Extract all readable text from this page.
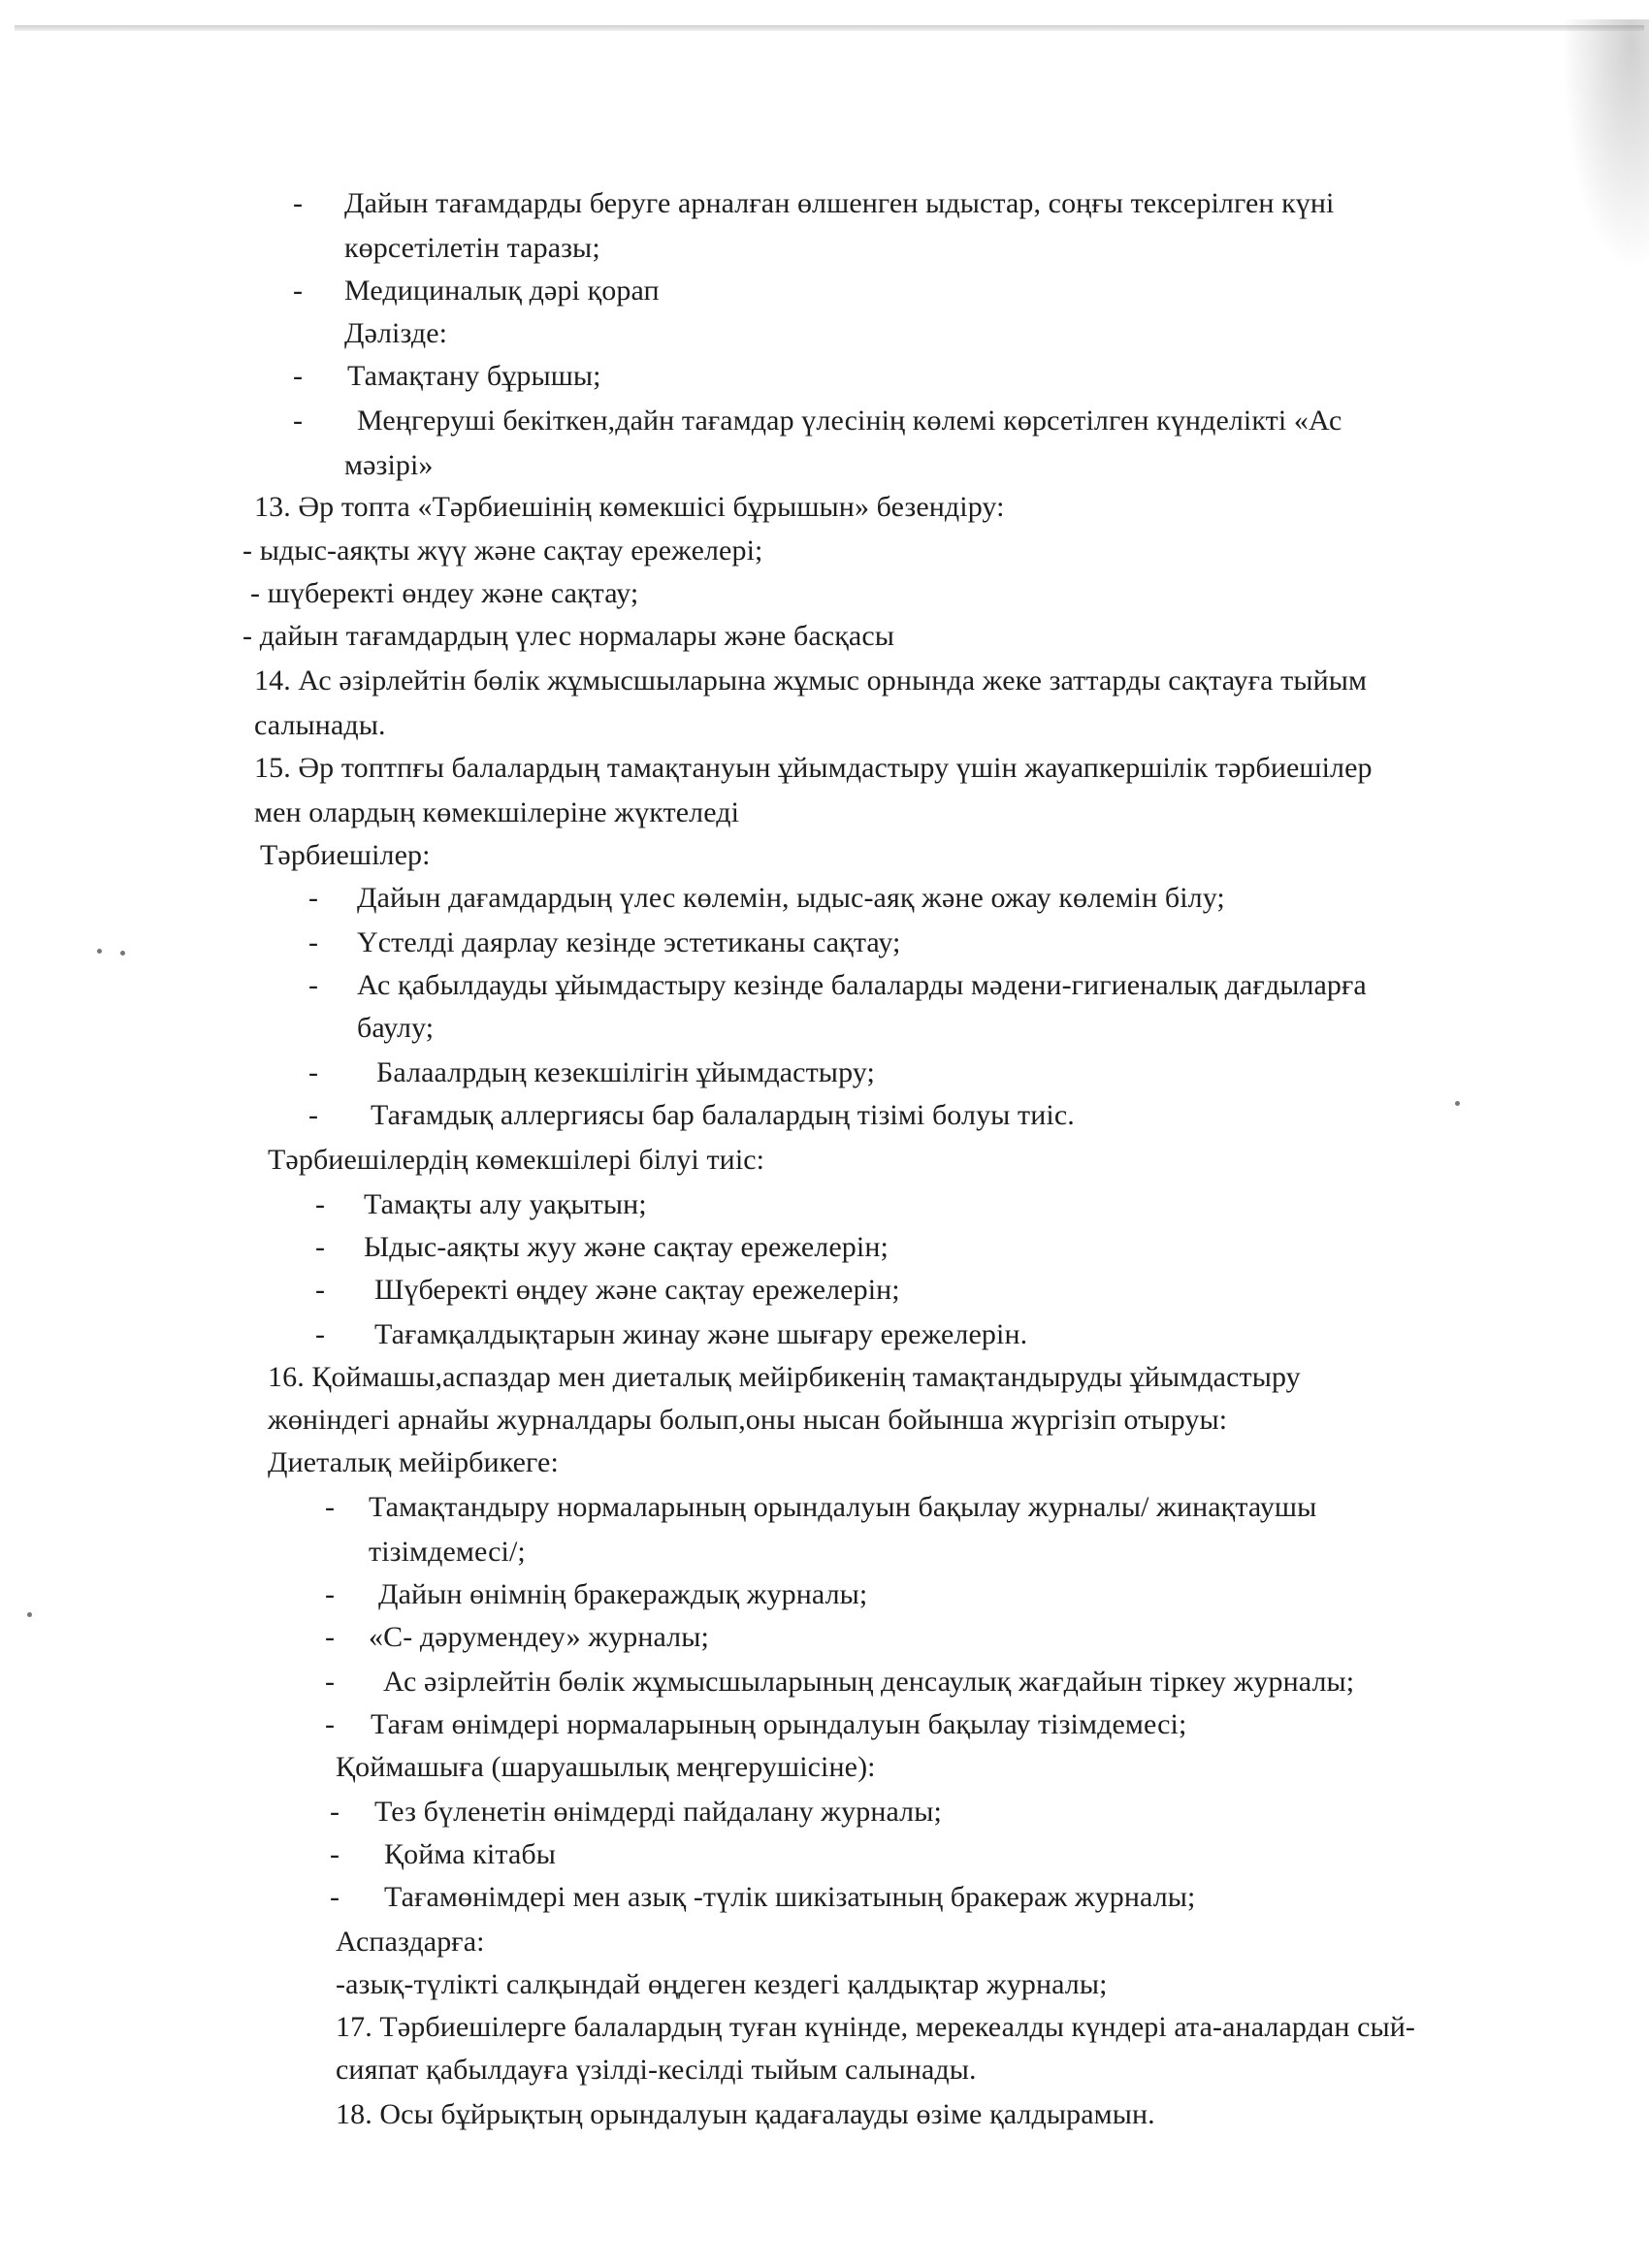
- Дайын тағамдарды беруге арналған өлшенген ыдыстар, соңғы тексерілген күні
көрсетілетін таразы;
- Медициналық дәрі қорап
Дәлізде:
- Тамақтану бұрышы;
- Меңгеруші бекіткен,дайн тағамдар үлесінің көлемі көрсетілген күнделікті «Ас
мәзірі»
13. Әр топта «Тәрбиешінің көмекшісі бұрышын» безендіру:
- ыдыс-аяқты жүү және сақтау ережелері;
- шүберекті өндеу және сақтау;
- дайын тағамдардың үлес нормалары және басқасы
14. Ас әзірлейтін бөлік жұмысшыларына жұмыс орнында жеке заттарды сақтауға тыйым
салынады.
15. Әр топтпғы балалардың тамақтануын ұйымдастыру үшін жауапкершілік тәрбиешілер
мен олардың көмекшілеріне жүктеледі
Тәрбиешілер:
- Дайын дағамдардың үлес көлемін, ыдыс-аяқ және ожау көлемін білу;
- Үстелді даярлау кезінде эстетиканы сақтау;
- Ас қабылдауды ұйымдастыру кезінде балаларды мәдени-гигиеналық дағдыларға
баулу;
- Балаалрдың кезекшілігін ұйымдастыру;
- Тағамдық аллергиясы бар балалардың тізімі болуы тиіс.
Тәрбиешілердің көмекшілері білуі тиіс:
- Тамақты алу уақытын;
- Ыдыс-аяқты жуу және сақтау ережелерін;
- Шүберекті өңдеу және сақтау ережелерін;
- Тағамқалдықтарын жинау және шығару ережелерін.
16. Қоймашы,аспаздар мен диеталық мейірбикенің тамақтандыруды ұйымдастыру
жөніндегі арнайы журналдары болып,оны нысан бойынша жүргізіп отыруы:
Диеталық мейірбикеге:
- Тамақтандыру нормаларының орындалуын бақылау журналы/ жинақтаушы
тізімдемесі/;
- Дайын өнімнің бракераждық журналы;
- «С- дәрумендеу» журналы;
- Ас әзірлейтін бөлік жұмысшыларының денсаулық жағдайын тіркеу журналы;
- Тағам өнімдері нормаларының орындалуын бақылау тізімдемесі;
Қоймашыға (шаруашылық меңгерушісіне):
- Тез бүленетін өнімдерді пайдалану журналы;
- Қойма кітабы
- Тағамөнімдері мен азық -түлік шикізатының бракераж журналы;
Аспаздарға:
-азық-түлікті салқындай өңдеген кездегі қалдықтар журналы;
17. Тәрбиешілерге балалардың туған күнінде, мерекеалды күндері ата-аналардан сый-
сияпат қабылдауға үзілді-кесілді тыйым салынады.
18. Осы бұйрықтың орындалуын қадағалауды өзіме қалдырамын.
